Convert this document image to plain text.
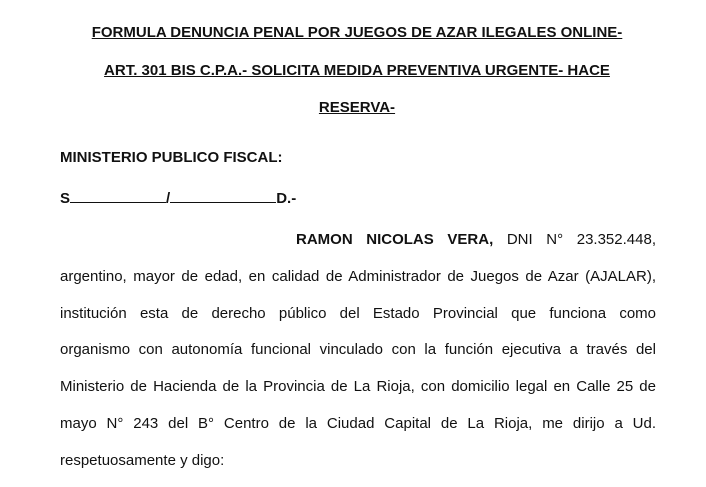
FORMULA DENUNCIA PENAL POR JUEGOS DE AZAR ILEGALES ONLINE-
ART. 301 BIS C.P.A.- SOLICITA MEDIDA PREVENTIVA URGENTE- HACE
RESERVA-
MINISTERIO PUBLICO FISCAL:
S	/	D.-
RAMON NICOLAS VERA, DNI N° 23.352.448,
argentino, mayor de edad, en calidad de Administrador de Juegos de Azar (AJALAR),
institución esta de derecho público del Estado Provincial que funciona como
organismo con autonomía funcional vinculado con la función ejecutiva a través del
Ministerio de Hacienda de la Provincia de La Rioja, con domicilio legal en Calle 25 de
mayo N° 243 del B° Centro de la Ciudad Capital de La Rioja, me dirijo a Ud.
respetuosamente y digo:
